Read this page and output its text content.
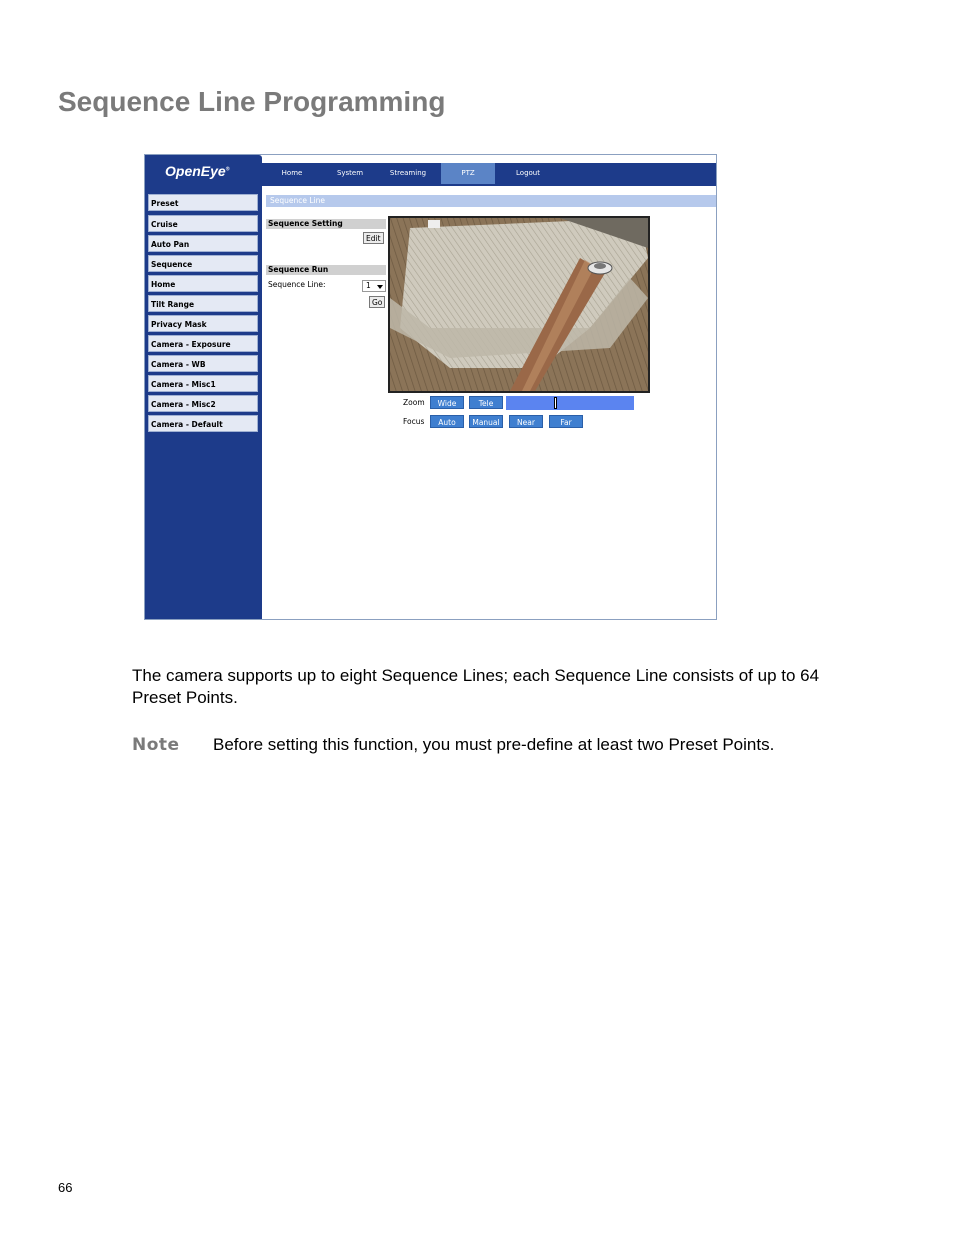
Sequence Line Programming
Home	System	Streaming	PTZ	Logout
OpenEye®
Preset
Cruise
Auto Pan
Sequence
Home
Tilt Range
Privacy Mask
Camera - Exposure
Camera - WB
Camera - Misc1
Camera - Misc2
Camera - Default
Sequence Line
Sequence Setting
Edit
Sequence Run
Sequence Line:	1
Go
Zoom	Wide	Tele
Focus	Auto	Manual	Near	Far

The camera supports up to eight Sequence Lines; each Sequence Line consists of up to 64 Preset Points.

Note Before setting this function, you must pre-define at least two Preset Points.
66
